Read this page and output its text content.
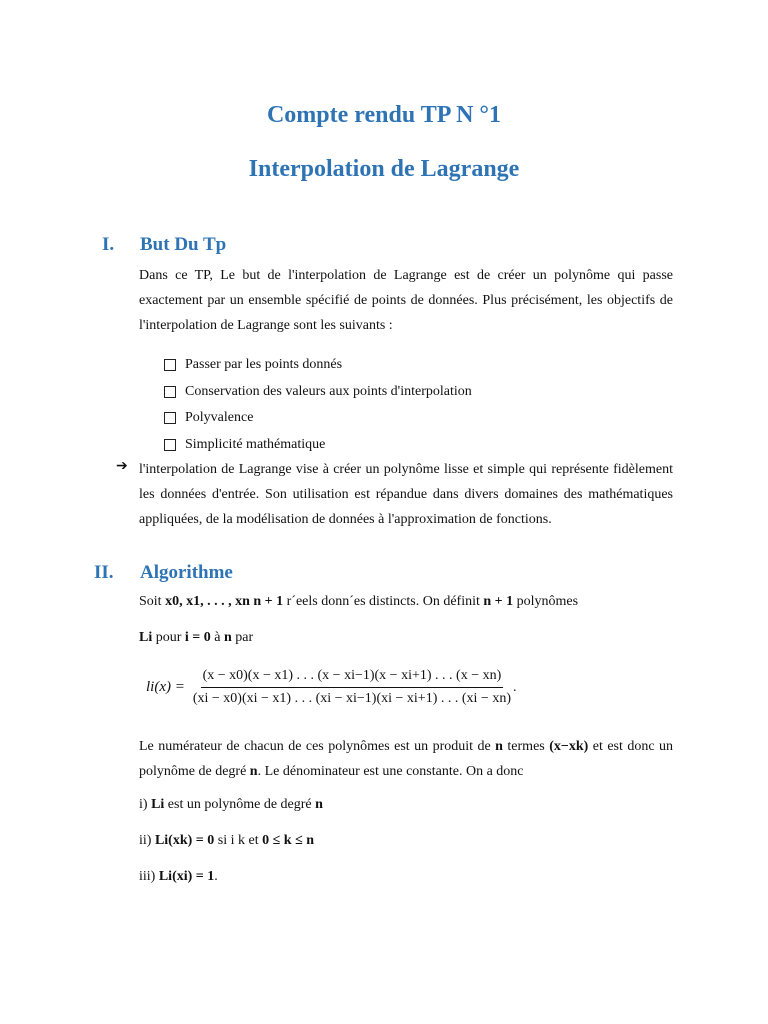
Compte rendu TP N °1
Interpolation de Lagrange
I. But Du Tp

Dans ce TP, Le but de l'interpolation de Lagrange est de créer un polynôme qui passe exactement par un ensemble spécifié de points de données. Plus précisément, les objectifs de l'interpolation de Lagrange sont les suivants :

Passer par les points donnés
Conservation des valeurs aux points d'interpolation
Polyvalence
Simplicité mathématique
➔ l'interpolation de Lagrange vise à créer un polynôme lisse et simple qui représente fidèlement les données d'entrée. Son utilisation est répandue dans divers domaines des mathématiques appliquées, de la modélisation de données à l'approximation de fonctions.

II. Algorithme

Soit x0, x1, . . . , xn n + 1 r´eels donn´es distincts. On définit n + 1 polynômes

Li pour i = 0 à n par

li(x) =
(x − x0)(x − x1) . . . (x − xi−1)(x − xi+1) . . . (x − xn)
(xi − x0)(xi − x1) . . . (xi − xi−1)(xi − xi+1) . . . (xi − xn)
.

Le numérateur de chacun de ces polynômes est un produit de n termes (x−xk) et est donc un polynôme de degré n. Le dénominateur est une constante. On a donc

i) Li est un polynôme de degré n

ii) Li(xk) = 0 si i k et 0 ≤ k ≤ n

iii) Li(xi) = 1.
